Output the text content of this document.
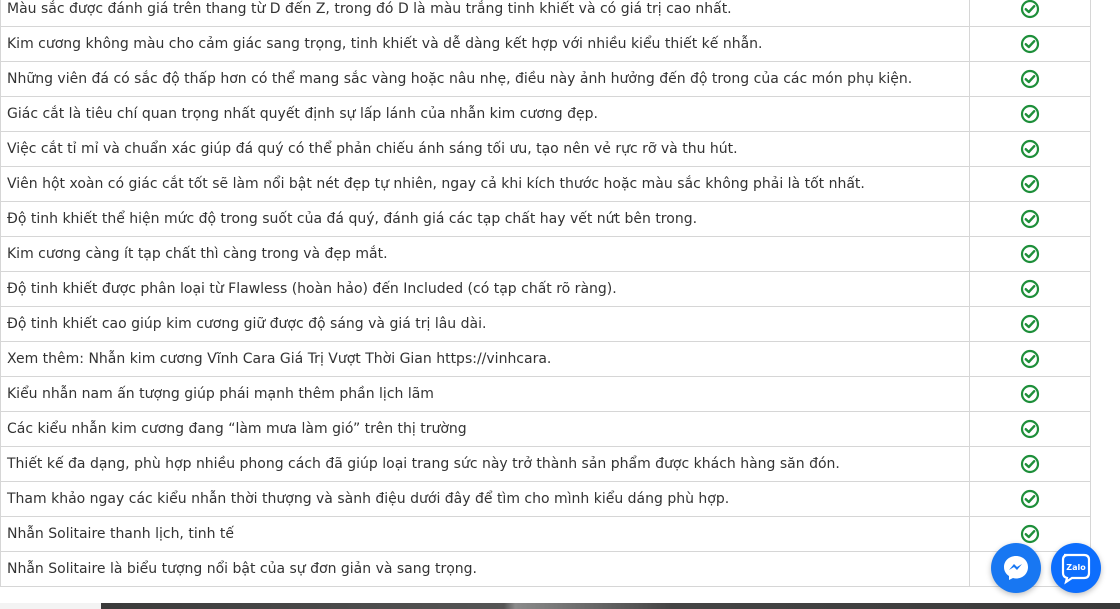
Màu sắc được đánh giá trên thang từ D đến Z, trong đó D là màu trắng tinh khiết và có giá trị cao nhất.	
Kim cương không màu cho cảm giác sang trọng, tinh khiết và dễ dàng kết hợp với nhiều kiểu thiết kế nhẫn.	
Những viên đá có sắc độ thấp hơn có thể mang sắc vàng hoặc nâu nhẹ, điều này ảnh hưởng đến độ trong của các món phụ kiện.	
Giác cắt là tiêu chí quan trọng nhất quyết định sự lấp lánh của nhẫn kim cương đẹp.	
Việc cắt tỉ mỉ và chuẩn xác giúp đá quý có thể phản chiếu ánh sáng tối ưu, tạo nên vẻ rực rỡ và thu hút.	
Viên hột xoàn có giác cắt tốt sẽ làm nổi bật nét đẹp tự nhiên, ngay cả khi kích thước hoặc màu sắc không phải là tốt nhất.	
Độ tinh khiết thể hiện mức độ trong suốt của đá quý, đánh giá các tạp chất hay vết nứt bên trong.	
Kim cương càng ít tạp chất thì càng trong và đẹp mắt.	
Độ tinh khiết được phân loại từ Flawless (hoàn hảo) đến Included (có tạp chất rõ ràng).	
Độ tinh khiết cao giúp kim cương giữ được độ sáng và giá trị lâu dài.	
Xem thêm: Nhẫn kim cương Vĩnh Cara Giá Trị Vượt Thời Gian https://vinhcara.	
Kiểu nhẫn nam ấn tượng giúp phái mạnh thêm phần lịch lãm	
Các kiểu nhẫn kim cương đang “làm mưa làm gió” trên thị trường	
Thiết kế đa dạng, phù hợp nhiều phong cách đã giúp loại trang sức này trở thành sản phẩm được khách hàng săn đón.	
Tham khảo ngay các kiểu nhẫn thời thượng và sành điệu dưới đây để tìm cho mình kiểu dáng phù hợp.	
Nhẫn Solitaire thanh lịch, tinh tế	
Nhẫn Solitaire là biểu tượng nổi bật của sự đơn giản và sang trọng.		Zalo
